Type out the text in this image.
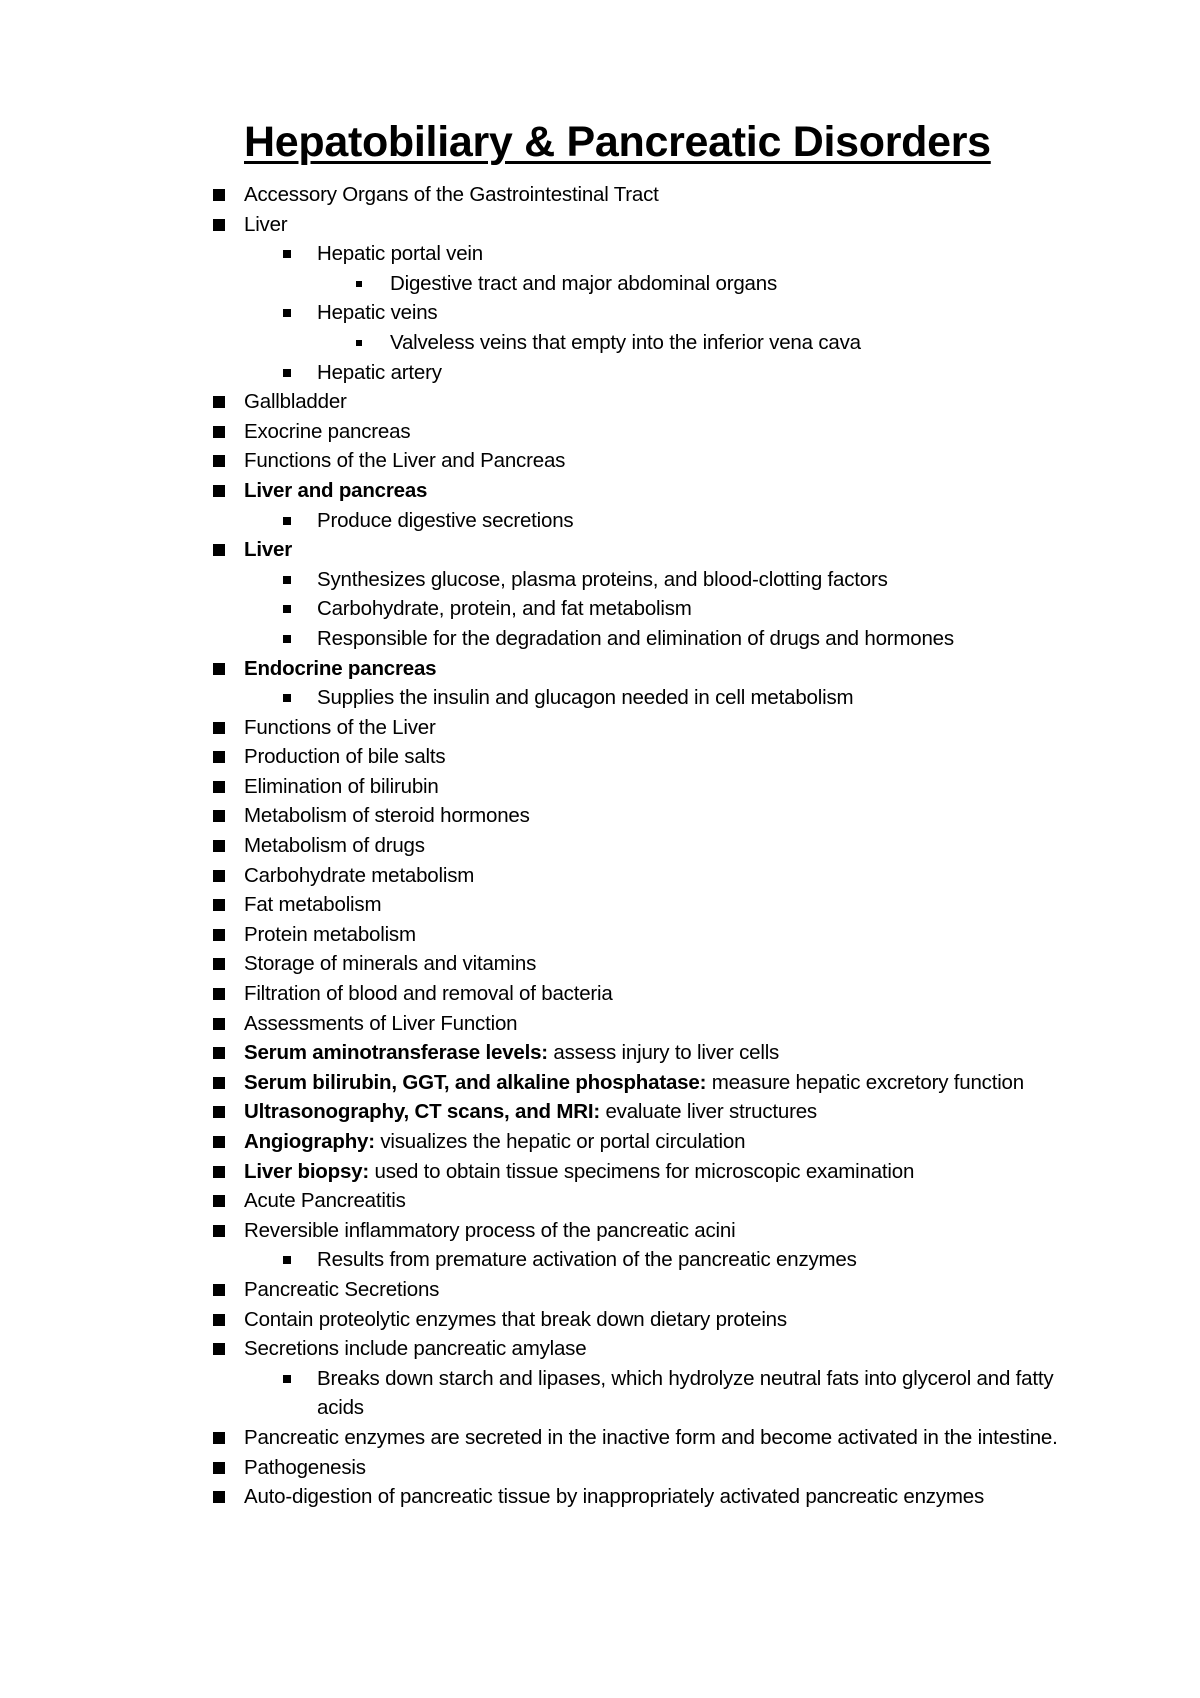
Hepatobiliary & Pancreatic Disorders
Accessory Organs of the Gastrointestinal Tract
Liver
Hepatic portal vein
Digestive tract and major abdominal organs
Hepatic veins
Valveless veins that empty into the inferior vena cava
Hepatic artery
Gallbladder
Exocrine pancreas
Functions of the Liver and Pancreas
Liver and pancreas
Produce digestive secretions
Liver
Synthesizes glucose, plasma proteins, and blood-clotting factors
Carbohydrate, protein, and fat metabolism
Responsible for the degradation and elimination of drugs and hormones
Endocrine pancreas
Supplies the insulin and glucagon needed in cell metabolism
Functions of the Liver
Production of bile salts
Elimination of bilirubin
Metabolism of steroid hormones
Metabolism of drugs
Carbohydrate metabolism
Fat metabolism
Protein metabolism
Storage of minerals and vitamins
Filtration of blood and removal of bacteria
Assessments of Liver Function
Serum aminotransferase levels: assess injury to liver cells
Serum bilirubin, GGT, and alkaline phosphatase: measure hepatic excretory function
Ultrasonography, CT scans, and MRI: evaluate liver structures
Angiography: visualizes the hepatic or portal circulation
Liver biopsy: used to obtain tissue specimens for microscopic examination
Acute Pancreatitis
Reversible inflammatory process of the pancreatic acini
Results from premature activation of the pancreatic enzymes
Pancreatic Secretions
Contain proteolytic enzymes that break down dietary proteins
Secretions include pancreatic amylase
Breaks down starch and lipases, which hydrolyze neutral fats into glycerol and fatty acids
Pancreatic enzymes are secreted in the inactive form and become activated in the intestine.
Pathogenesis
Auto-digestion of pancreatic tissue by inappropriately activated pancreatic enzymes
